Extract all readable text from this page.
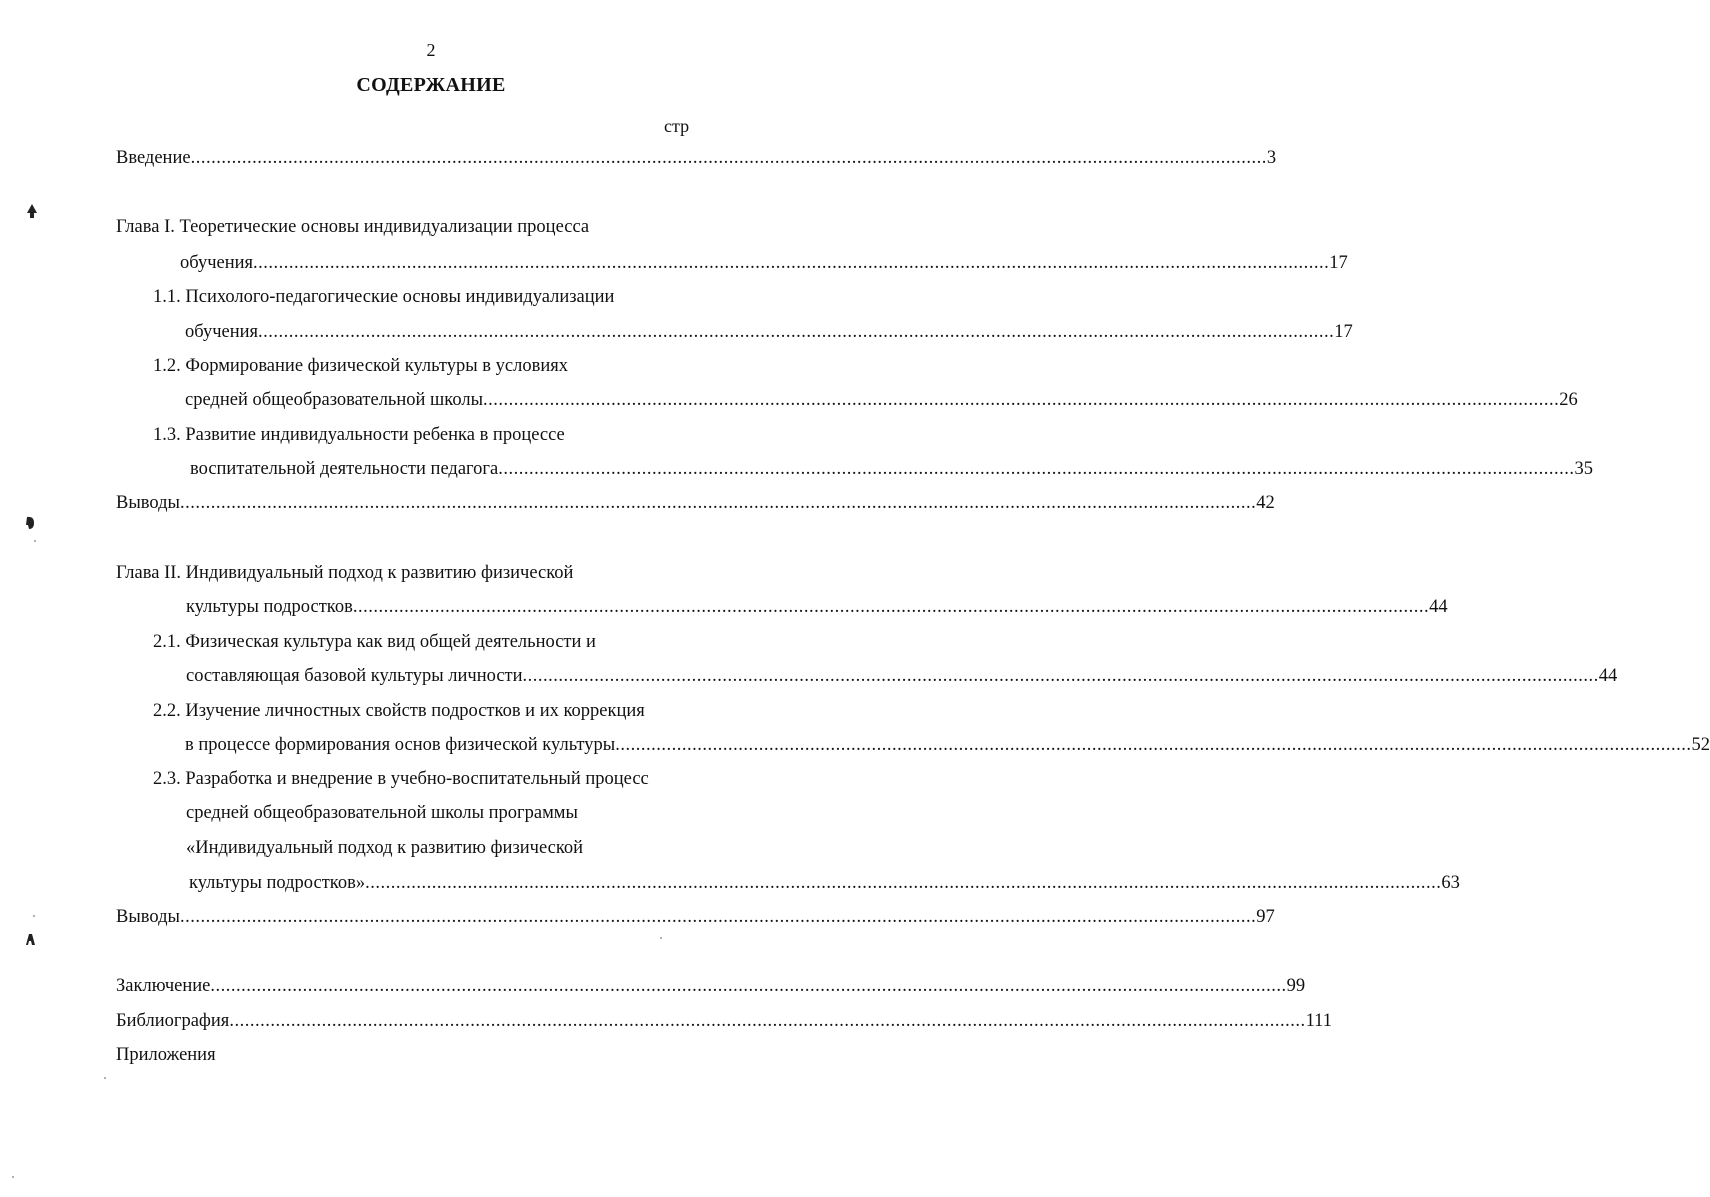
2
СОДЕРЖАНИЕ
стр
Введение .................................................................................................................................................................................................................. 3
Глава I. Теоретические основы индивидуализации процесса
обучения .................................................................................................................................................................................................................. 17
1.1. Психолого-педагогические основы индивидуализации
обучения .................................................................................................................................................................................................................. 17
1.2. Формирование физической культуры в условиях
средней общеобразовательной школы .................................................................................................................................................................................................................. 26
1.3. Развитие индивидуальности ребенка в процессе
воспитательной деятельности педагога .................................................................................................................................................................................................................. 35
Выводы .................................................................................................................................................................................................................. 42
Глава II. Индивидуальный подход к развитию физической
культуры подростков .................................................................................................................................................................................................................. 44
2.1. Физическая культура как вид общей деятельности и
составляющая базовой культуры личности .................................................................................................................................................................................................................. 44
2.2. Изучение личностных свойств подростков и их коррекция
в процессе формирования основ физической культуры .................................................................................................................................................................................................................. 52
2.3. Разработка и внедрение в учебно-воспитательный процесс
средней общеобразовательной школы программы
«Индивидуальный подход к развитию физической
культуры подростков» .................................................................................................................................................................................................................. 63
Выводы .................................................................................................................................................................................................................. 97
Заключение .................................................................................................................................................................................................................. 99
Библиография .................................................................................................................................................................................................................. 111
Приложения
